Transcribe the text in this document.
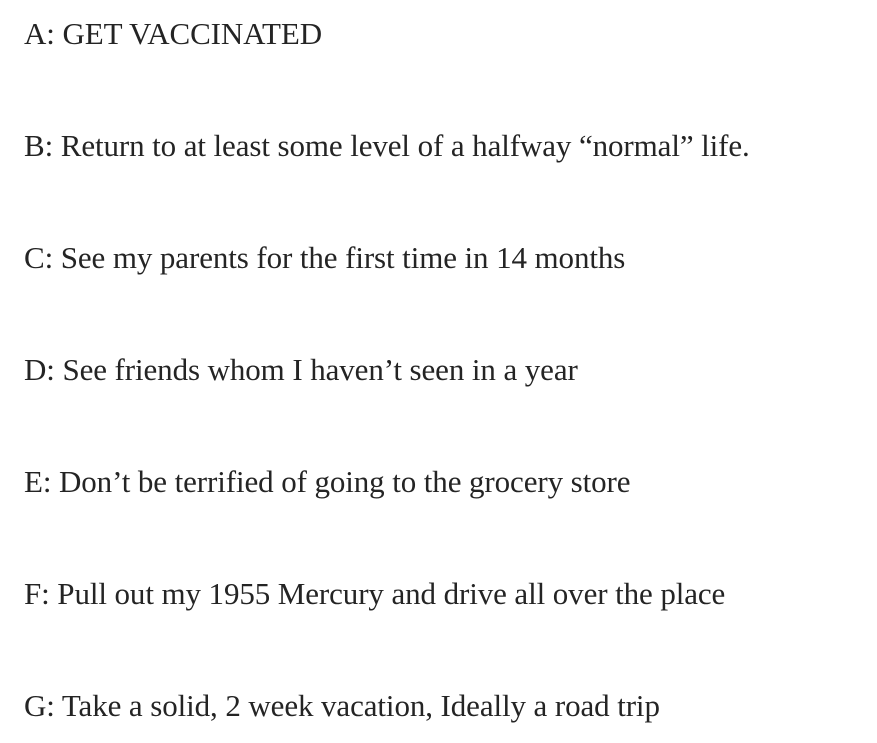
A: GET VACCINATED
B: Return to at least some level of a halfway “normal” life.
C: See my parents for the first time in 14 months
D: See friends whom I haven’t seen in a year
E: Don’t be terrified of going to the grocery store
F: Pull out my 1955 Mercury and drive all over the place
G: Take a solid, 2 week vacation, Ideally a road trip
